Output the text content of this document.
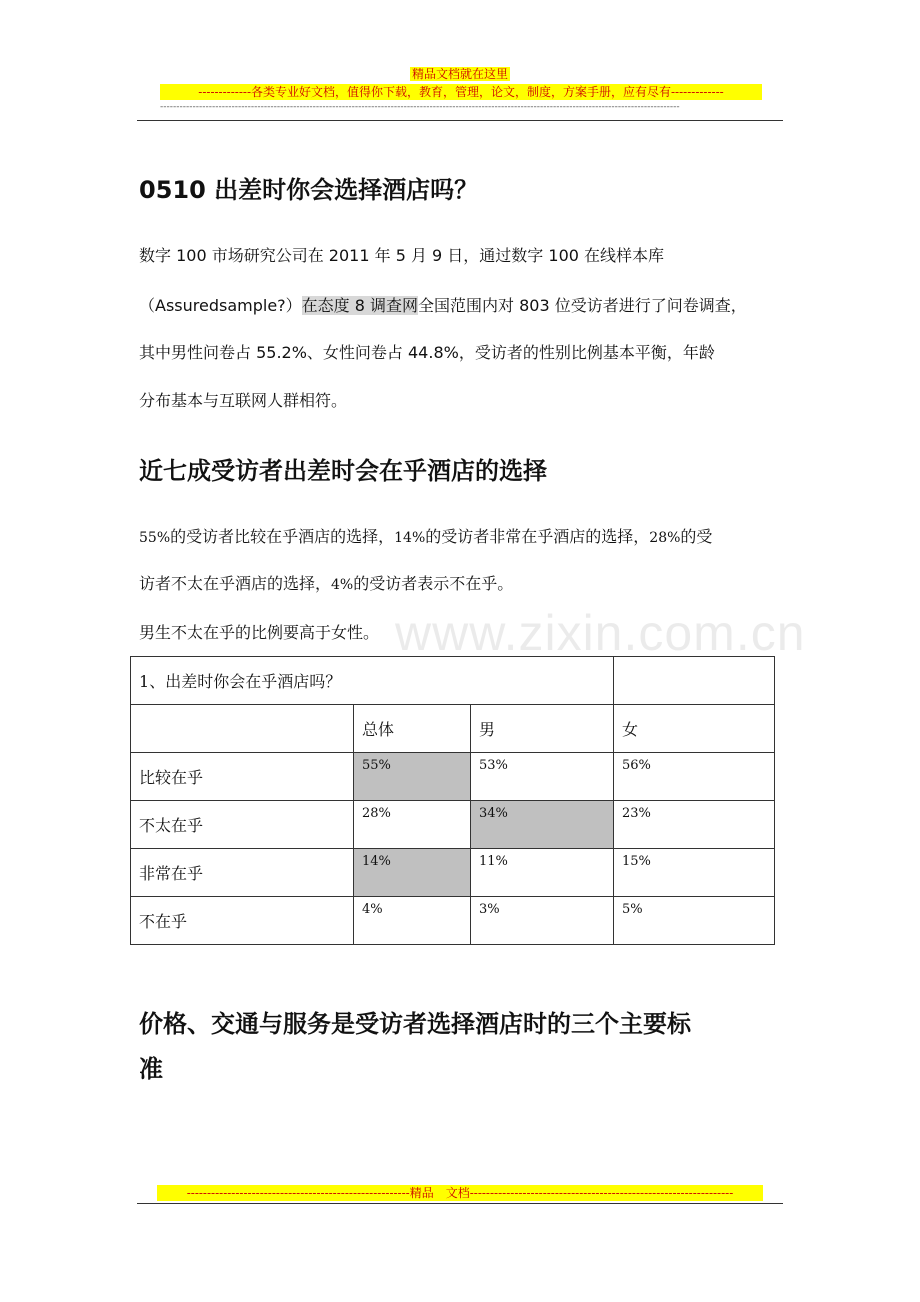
精品文档就在这里
-------------各类专业好文档，值得你下载，教育，管理，论文，制度，方案手册，应有尽有-------------
----------------------------------------------------------------------------------------------------------------------------------------------------------------
www.zixin.com.cn
0510 出差时你会选择酒店吗？
数字 100 市场研究公司在 2011 年 5 月 9 日，通过数字 100 在线样本库
（Assuredsample?）在态度 8 调查网全国范围内对 803 位受访者进行了问卷调查，
其中男性问卷占 55.2%、女性问卷占 44.8%，受访者的性别比例基本平衡，年龄
分布基本与互联网人群相符。
近七成受访者出差时会在乎酒店的选择
55%的受访者比较在乎酒店的选择，14%的受访者非常在乎酒店的选择，28%的受
访者不太在乎酒店的选择，4%的受访者表示不在乎。
男生不太在乎的比例要高于女性。
1、出差时你会在乎酒店吗？			
	总体	男	女
比较在乎	55%	53%	56%
不太在乎	28%	34%	23%
非常在乎	14%	11%	15%
不在乎	4%	3%	5%
价格、交通与服务是受访者选择酒店时的三个主要标
准
-------------------------------------------------------精品　文档-----------------------------------------------------------------
